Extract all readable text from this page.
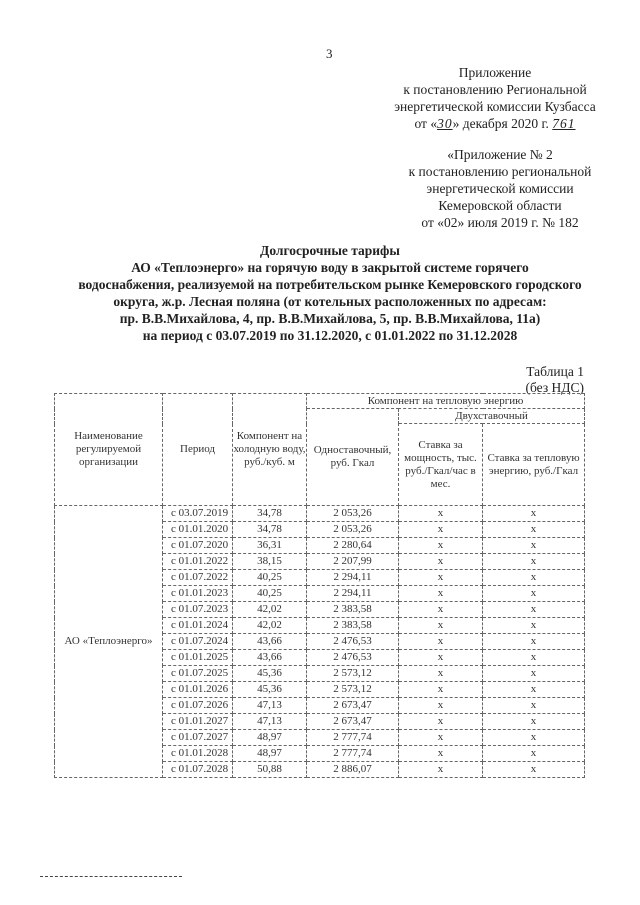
3
Приложение
к постановлению Региональной
энергетической комиссии Кузбасса
от «30» декабря 2020 г. 761
«Приложение № 2
к постановлению региональной
энергетической комиссии
Кемеровской области
от «02» июля 2019 г. № 182
Долгосрочные тарифы
АО «Теплоэнерго» на горячую воду в закрытой системе горячего
водоснабжения, реализуемой на потребительском рынке Кемеровского городского
округа, ж.р. Лесная поляна (от котельных расположенных по адресам:
пр. В.В.Михайлова, 4, пр. В.В.Михайлова, 5, пр. В.В.Михайлова, 11а)
на период с 03.07.2019 по 31.12.2020, с 01.01.2022 по 31.12.2028
Таблица 1
(без НДС)
Наименование регулируемой организации	Период	Компонент на холодную воду, руб./куб. м	Компонент на тепловую энергию		
			Одноставочный, руб. Гкал	Двухставочный	
				Ставка за мощность, тыс. руб./Гкал/час в мес.	Ставка за тепловую энергию, руб./Гкал
АО «Теплоэнерго»	с 03.07.2019	34,78	2 053,26	x	x
	с 01.01.2020	34,78	2 053,26	x	x
	с 01.07.2020	36,31	2 280,64	x	x
	с 01.01.2022	38,15	2 207,99	x	x
	с 01.07.2022	40,25	2 294,11	x	x
	с 01.01.2023	40,25	2 294,11	x	x
	с 01.07.2023	42,02	2 383,58	x	x
	с 01.01.2024	42,02	2 383,58	x	x
	с 01.07.2024	43,66	2 476,53	x	x
	с 01.01.2025	43,66	2 476,53	x	x
	с 01.07.2025	45,36	2 573,12	x	x
	с 01.01.2026	45,36	2 573,12	x	x
	с 01.07.2026	47,13	2 673,47	x	x
	с 01.01.2027	47,13	2 673,47	x	x
	с 01.07.2027	48,97	2 777,74	x	x
	с 01.01.2028	48,97	2 777,74	x	x
	с 01.07.2028	50,88	2 886,07	x	x
